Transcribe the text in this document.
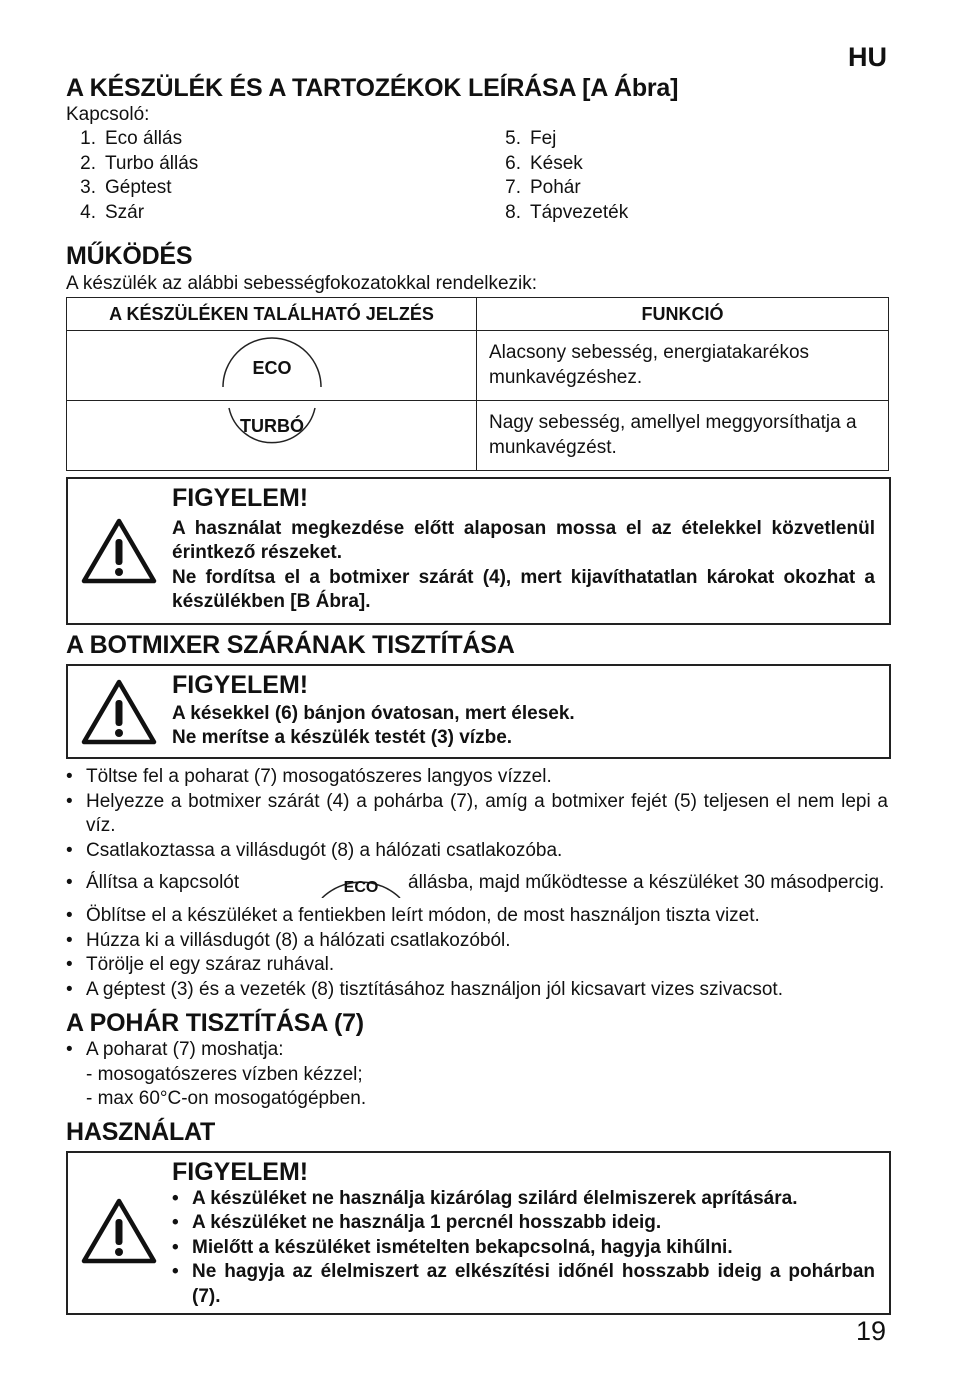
HU
A KÉSZÜLÉK ÉS A TARTOZÉKOK LEÍRÁSA [A Ábra]
Kapcsoló:
1. Eco állás
2. Turbo állás
3. Géptest
4. Szár
5. Fej
6. Kések
7. Pohár
8. Tápvezeték
MŰKÖDÉS
A készülék az alábbi sebességfokozatokkal rendelkezik:
A KÉSZÜLÉKEN TALÁLHATÓ JELZÉS	FUNKCIÓ

ECO	Alacsony sebesség, energiatakarékos munkavégzéshez.

TURBÓ	Nagy sebesség, amellyel meggyorsíthatja a munkavégzést.
FIGYELEM!
A használat megkezdése előtt alaposan mossa el az ételekkel közvetlenül érintkező részeket.
Ne fordítsa el a botmixer szárát (4), mert kijavíthatatlan károkat okozhat a készülékben [B Ábra].
A BOTMIXER SZÁRÁNAK TISZTÍTÁSA
FIGYELEM!
A késekkel (6) bánjon óvatosan, mert élesek.
Ne merítse a készülék testét (3) vízbe.
• Töltse fel a poharat (7) mosogatószeres langyos vízzel.
• Helyezze a botmixer szárát (4) a pohárba (7), amíg a botmixer fejét (5) teljesen el nem lepi a víz.
• Csatlakoztassa a villásdugót (8) a hálózati csatlakozóba.
• Állítsa a kapcsolót	ECO állásba, majd működtesse a készüléket 30 másodpercig.
• Öblítse el a készüléket a fentiekben leírt módon, de most használjon tiszta vizet.
• Húzza ki a villásdugót (8) a hálózati csatlakozóból.
• Törölje el egy száraz ruhával.
• A géptest (3) és a vezeték (8) tisztításához használjon jól kicsavart vizes szivacsot.
A POHÁR TISZTÍTÁSA (7)
• A poharat (7) moshatja:
- mosogatószeres vízben kézzel;
- max 60°C-on mosogatógépben.
HASZNÁLAT
FIGYELEM!
• A készüléket ne használja kizárólag szilárd élelmiszerek aprítására.
• A készüléket ne használja 1 percnél hosszabb ideig.
• Mielőtt a készüléket ismételten bekapcsolná, hagyja kihűlni.
• Ne hagyja az élelmiszert az elkészítési időnél hosszabb ideig a pohárban (7).
19
